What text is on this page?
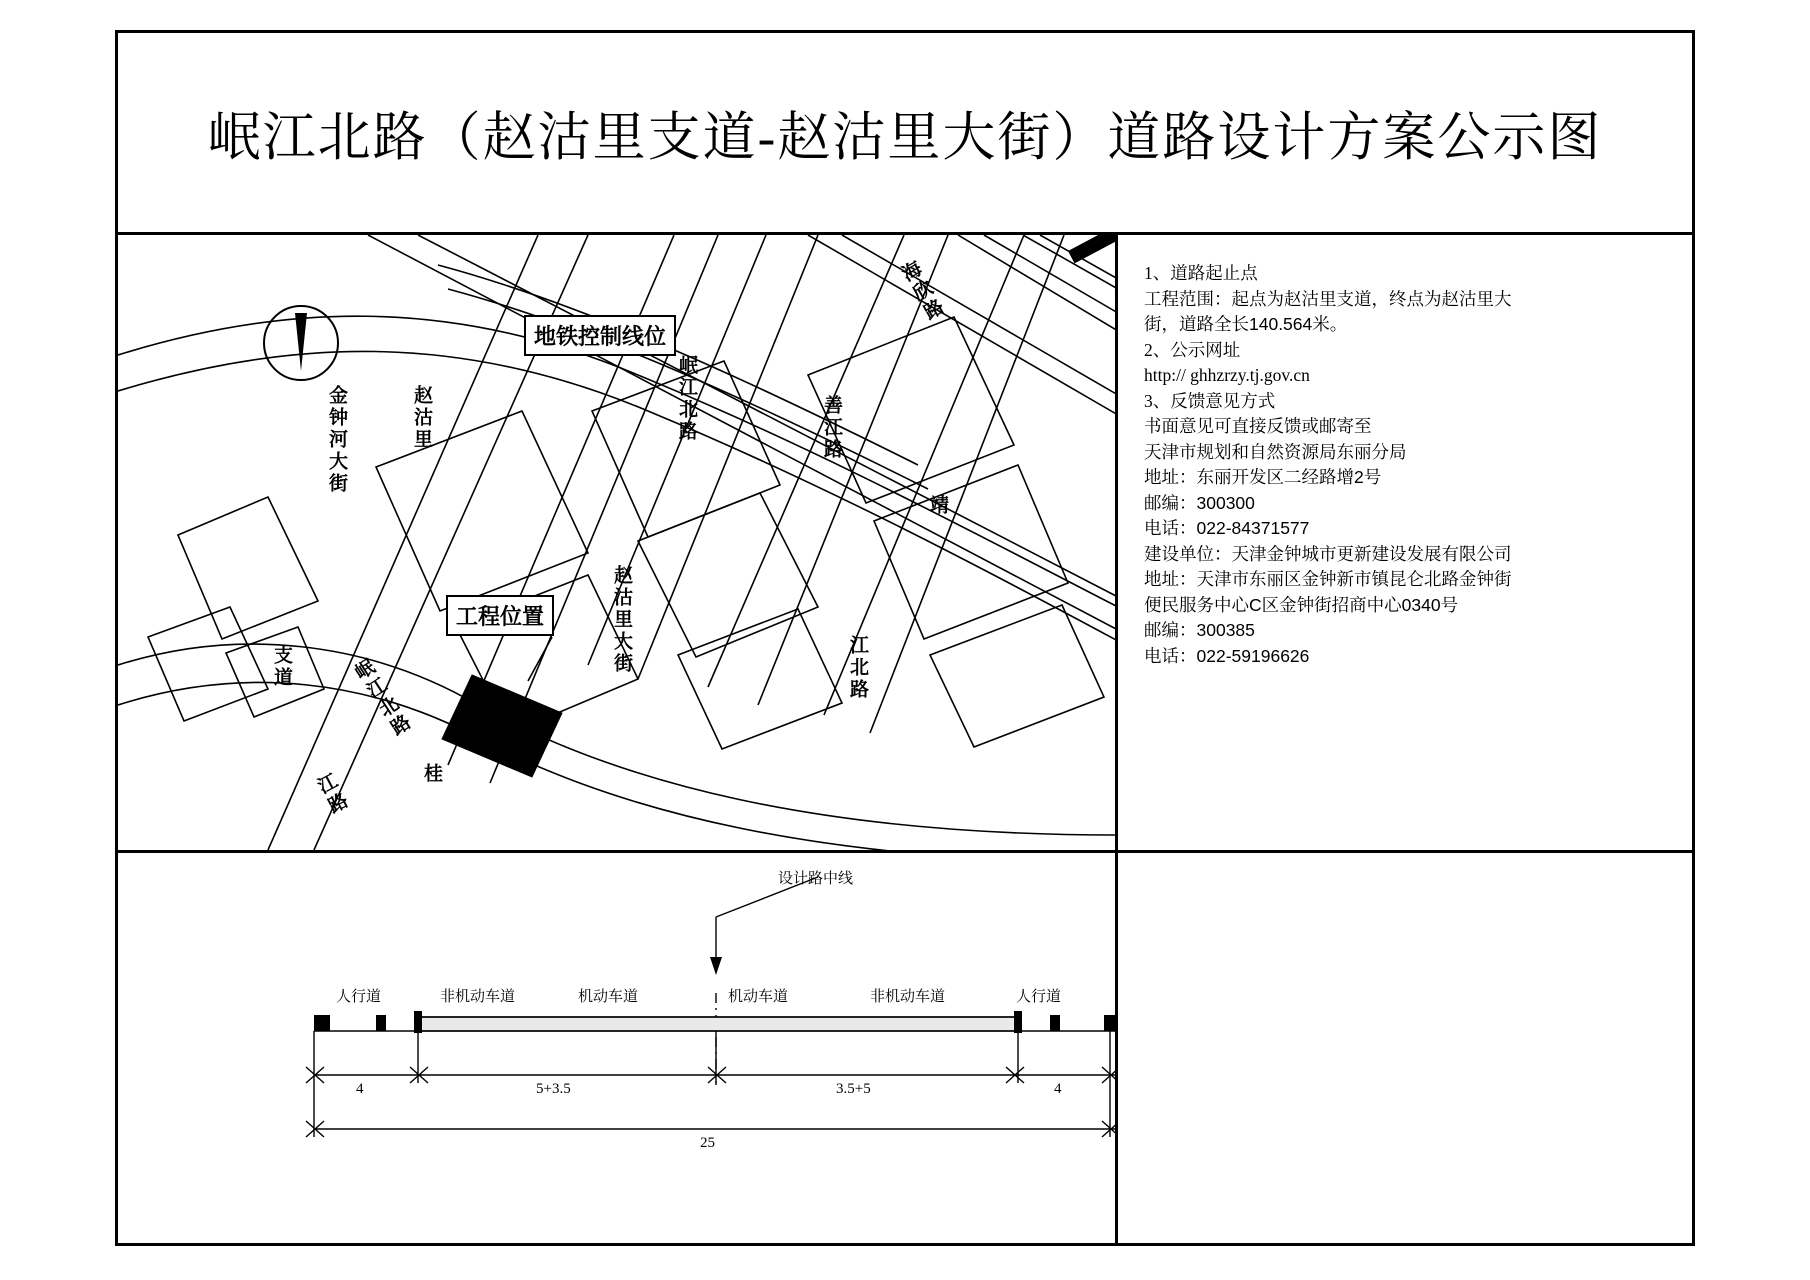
岷江北路（赵沽里支道-赵沽里大街）道路设计方案公示图
地铁控制线位
工程位置
海欣路
金钟河大街	赵沽里	岷江北路	善江路
靖
江北路
赵沽里大街
支道
江路	桂
岷江北路
1、道路起止点
工程范围：起点为赵沽里支道，终点为赵沽里大
街，道路全长140.564米。
2、公示网址
http:// ghhzrzy.tj.gov.cn
3、反馈意见方式
书面意见可直接反馈或邮寄至
天津市规划和自然资源局东丽分局
地址：东丽开发区二经路增2号
邮编：300300
电话：022-84371577
建设单位：天津金钟城市更新建设发展有限公司
地址：天津市东丽区金钟新市镇昆仑北路金钟街
便民服务中心C区金钟街招商中心0340号
邮编：300385
电话：022-59196626
设计路中线
人行道	非机动车道	机动车道	机动车道	非机动车道	人行道
4	5+3.5	3.5+5	4
25
